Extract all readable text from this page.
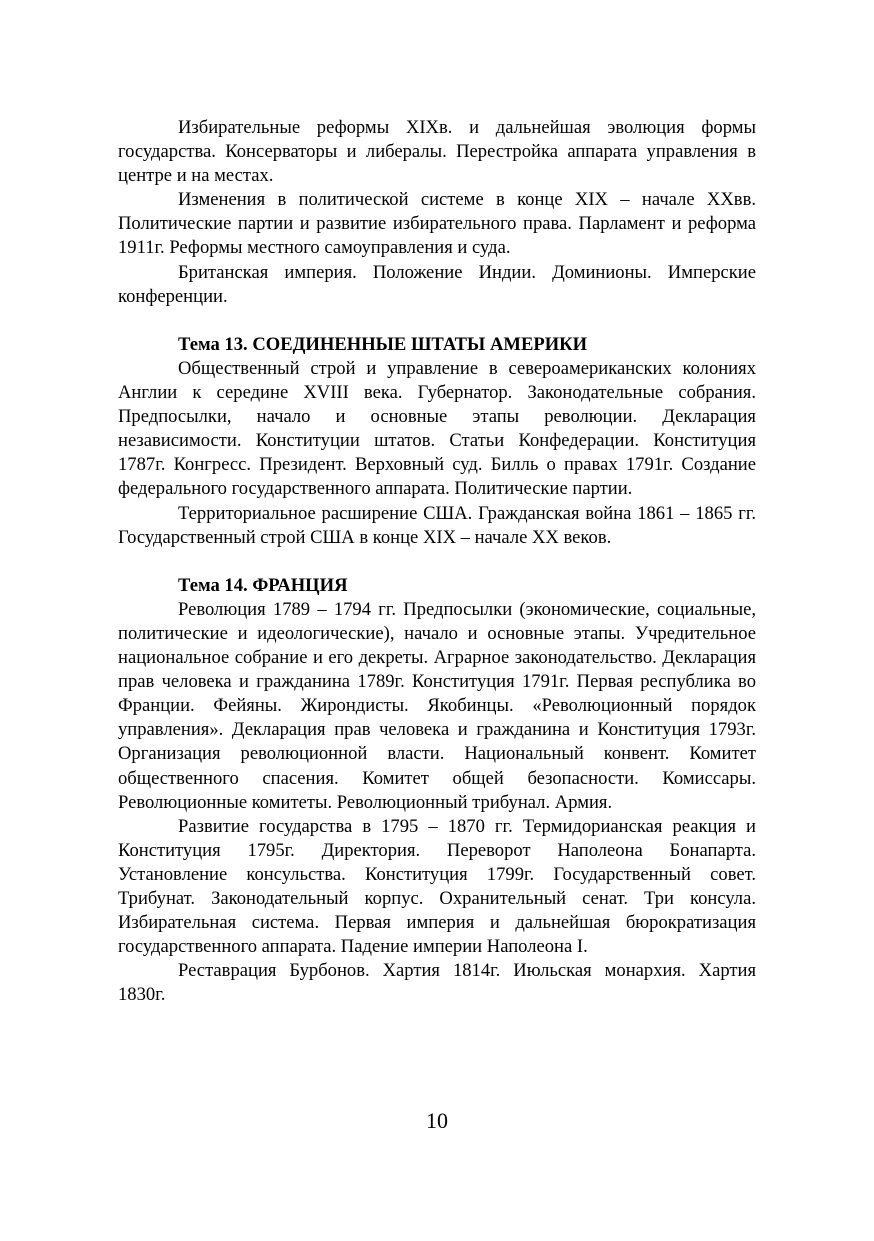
Избирательные реформы XIXв. и дальнейшая эволюция формы государства. Консерваторы и либералы. Перестройка аппарата управления в центре и на местах.

Изменения в политической системе в конце XIX – начале XXвв. Политические партии и развитие избирательного права. Парламент и реформа 1911г. Реформы местного самоуправления и суда.

Британская империя. Положение Индии. Доминионы. Имперские конференции.

Тема 13. СОЕДИНЕННЫЕ ШТАТЫ АМЕРИКИ

Общественный строй и управление в североамериканских колониях Англии к середине XVIII века. Губернатор. Законодательные собрания. Предпосылки, начало и основные этапы революции. Декларация независимости. Конституции штатов. Статьи Конфедерации. Конституция 1787г. Конгресс. Президент. Верховный суд. Билль о правах 1791г. Создание федерального государственного аппарата. Политические партии.

Территориальное расширение США. Гражданская война 1861 – 1865 гг. Государственный строй США в конце XIX – начале XX веков.

Тема 14. ФРАНЦИЯ

Революция 1789 – 1794 гг. Предпосылки (экономические, социальные, политические и идеологические), начало и основные этапы. Учредительное национальное собрание и его декреты. Аграрное законодательство. Декларация прав человека и гражданина 1789г. Конституция 1791г. Первая республика во Франции. Фейяны. Жирондисты. Якобинцы. «Революционный порядок управления». Декларация прав человека и гражданина и Конституция 1793г. Организация революционной власти. Национальный конвент. Комитет общественного спасения. Комитет общей безопасности. Комиссары. Революционные комитеты. Революционный трибунал. Армия.

Развитие государства в 1795 – 1870 гг. Термидорианская реакция и Конституция 1795г. Директория. Переворот Наполеона Бонапарта. Установление консульства. Конституция 1799г. Государственный совет. Трибунат. Законодательный корпус. Охранительный сенат. Три консула. Избирательная система. Первая империя и дальнейшая бюрократизация государственного аппарата. Падение империи Наполеона I.

Реставрация Бурбонов. Хартия 1814г. Июльская монархия. Хартия 1830г.

10
